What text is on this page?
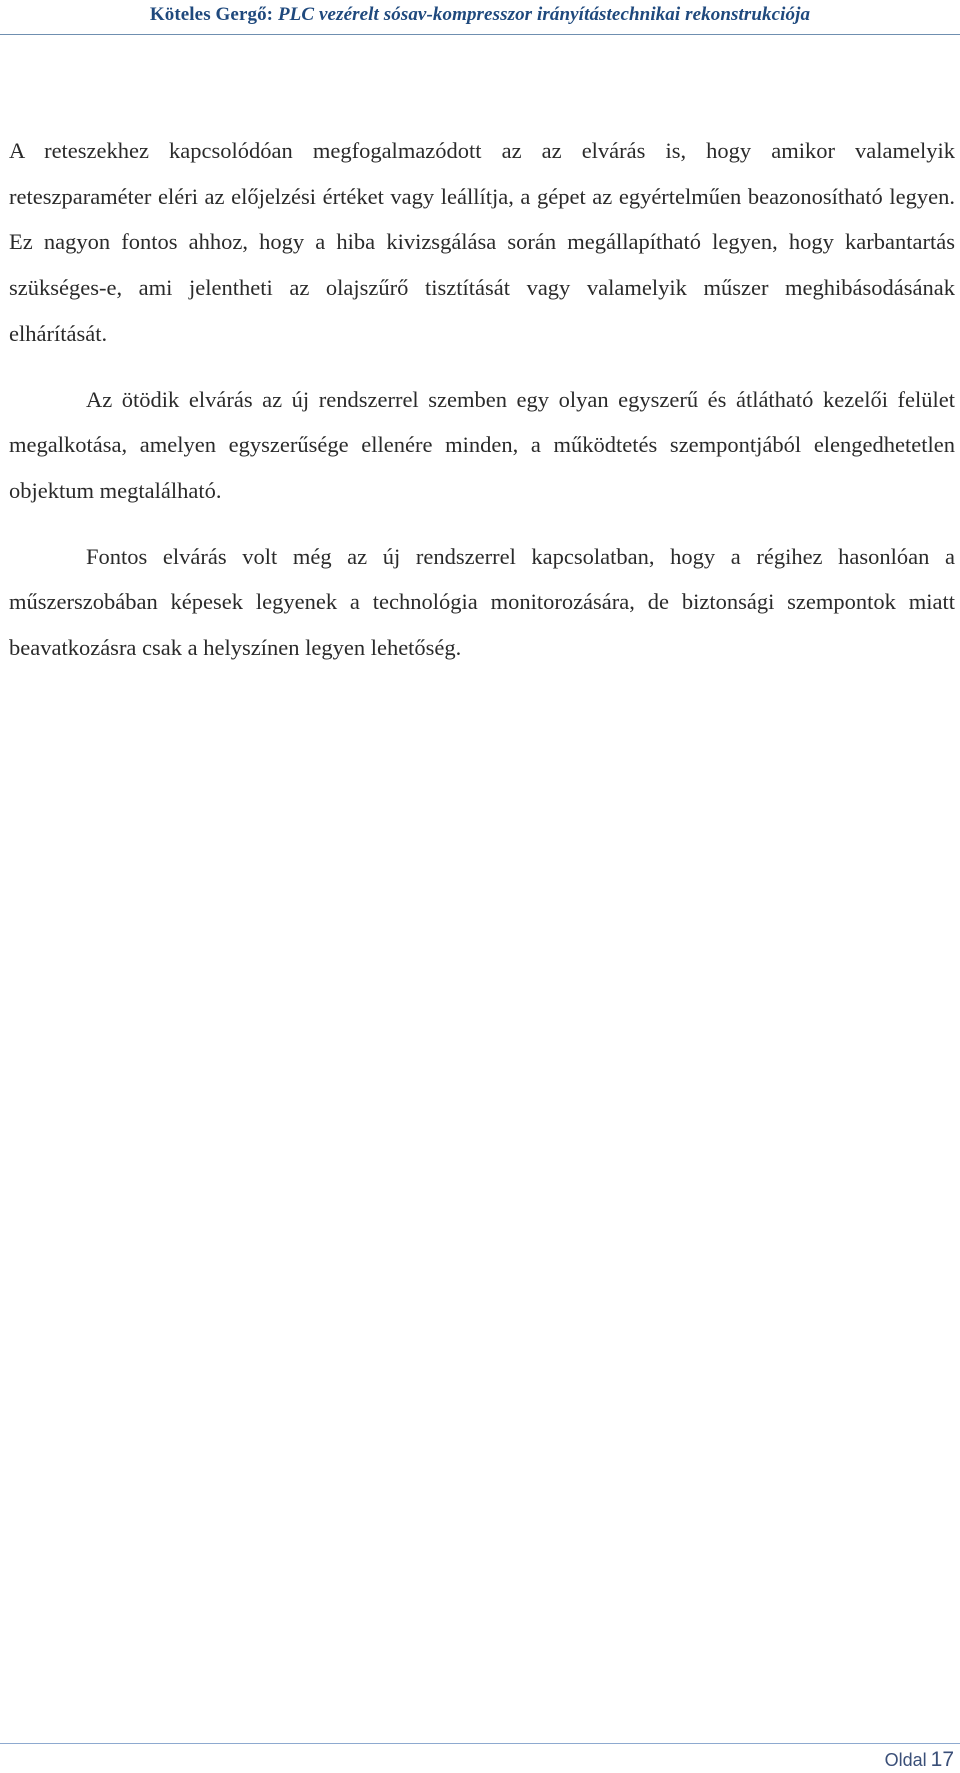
Köteles Gergő: PLC vezérelt sósav-kompresszor irányítástechnikai rekonstrukciója

A reteszekhez kapcsolódóan megfogalmazódott az az elvárás is, hogy amikor valamelyik reteszparaméter eléri az előjelzési értéket vagy leállítja, a gépet az egyértelműen beazonosítható legyen. Ez nagyon fontos ahhoz, hogy a hiba kivizsgálása során megállapítható legyen, hogy karbantartás szükséges-e, ami jelentheti az olajszűrő tisztítását vagy valamelyik műszer meghibásodásának elhárítását.

Az ötödik elvárás az új rendszerrel szemben egy olyan egyszerű és átlátható kezelői felület megalkotása, amelyen egyszerűsége ellenére minden, a működtetés szempontjából elengedhetetlen objektum megtalálható.

Fontos elvárás volt még az új rendszerrel kapcsolatban, hogy a régihez hasonlóan a műszerszobában képesek legyenek a technológia monitorozására, de biztonsági szempontok miatt beavatkozásra csak a helyszínen legyen lehetőség.

Oldal 17
